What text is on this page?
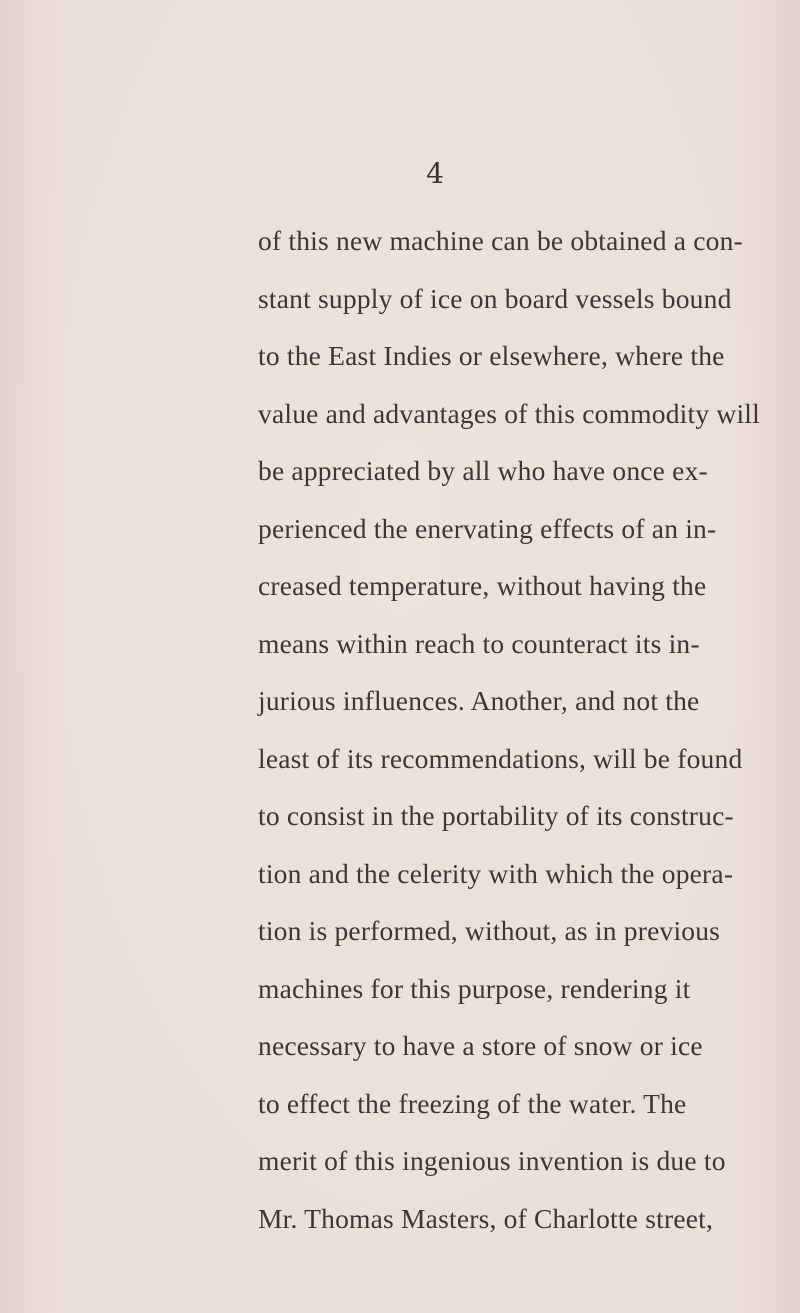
4
of this new machine can be obtained a con-
stant supply of ice on board vessels bound
to the East Indies or elsewhere, where the
value and advantages of this commodity will
be appreciated by all who have once ex-
perienced the enervating effects of an in-
creased temperature, without having the
means within reach to counteract its in-
jurious influences. Another, and not the
least of its recommendations, will be found
to consist in the portability of its construc-
tion and the celerity with which the opera-
tion is performed, without, as in previous
machines for this purpose, rendering it
necessary to have a store of snow or ice
to effect the freezing of the water. The
merit of this ingenious invention is due to
Mr. Thomas Masters, of Charlotte street,
